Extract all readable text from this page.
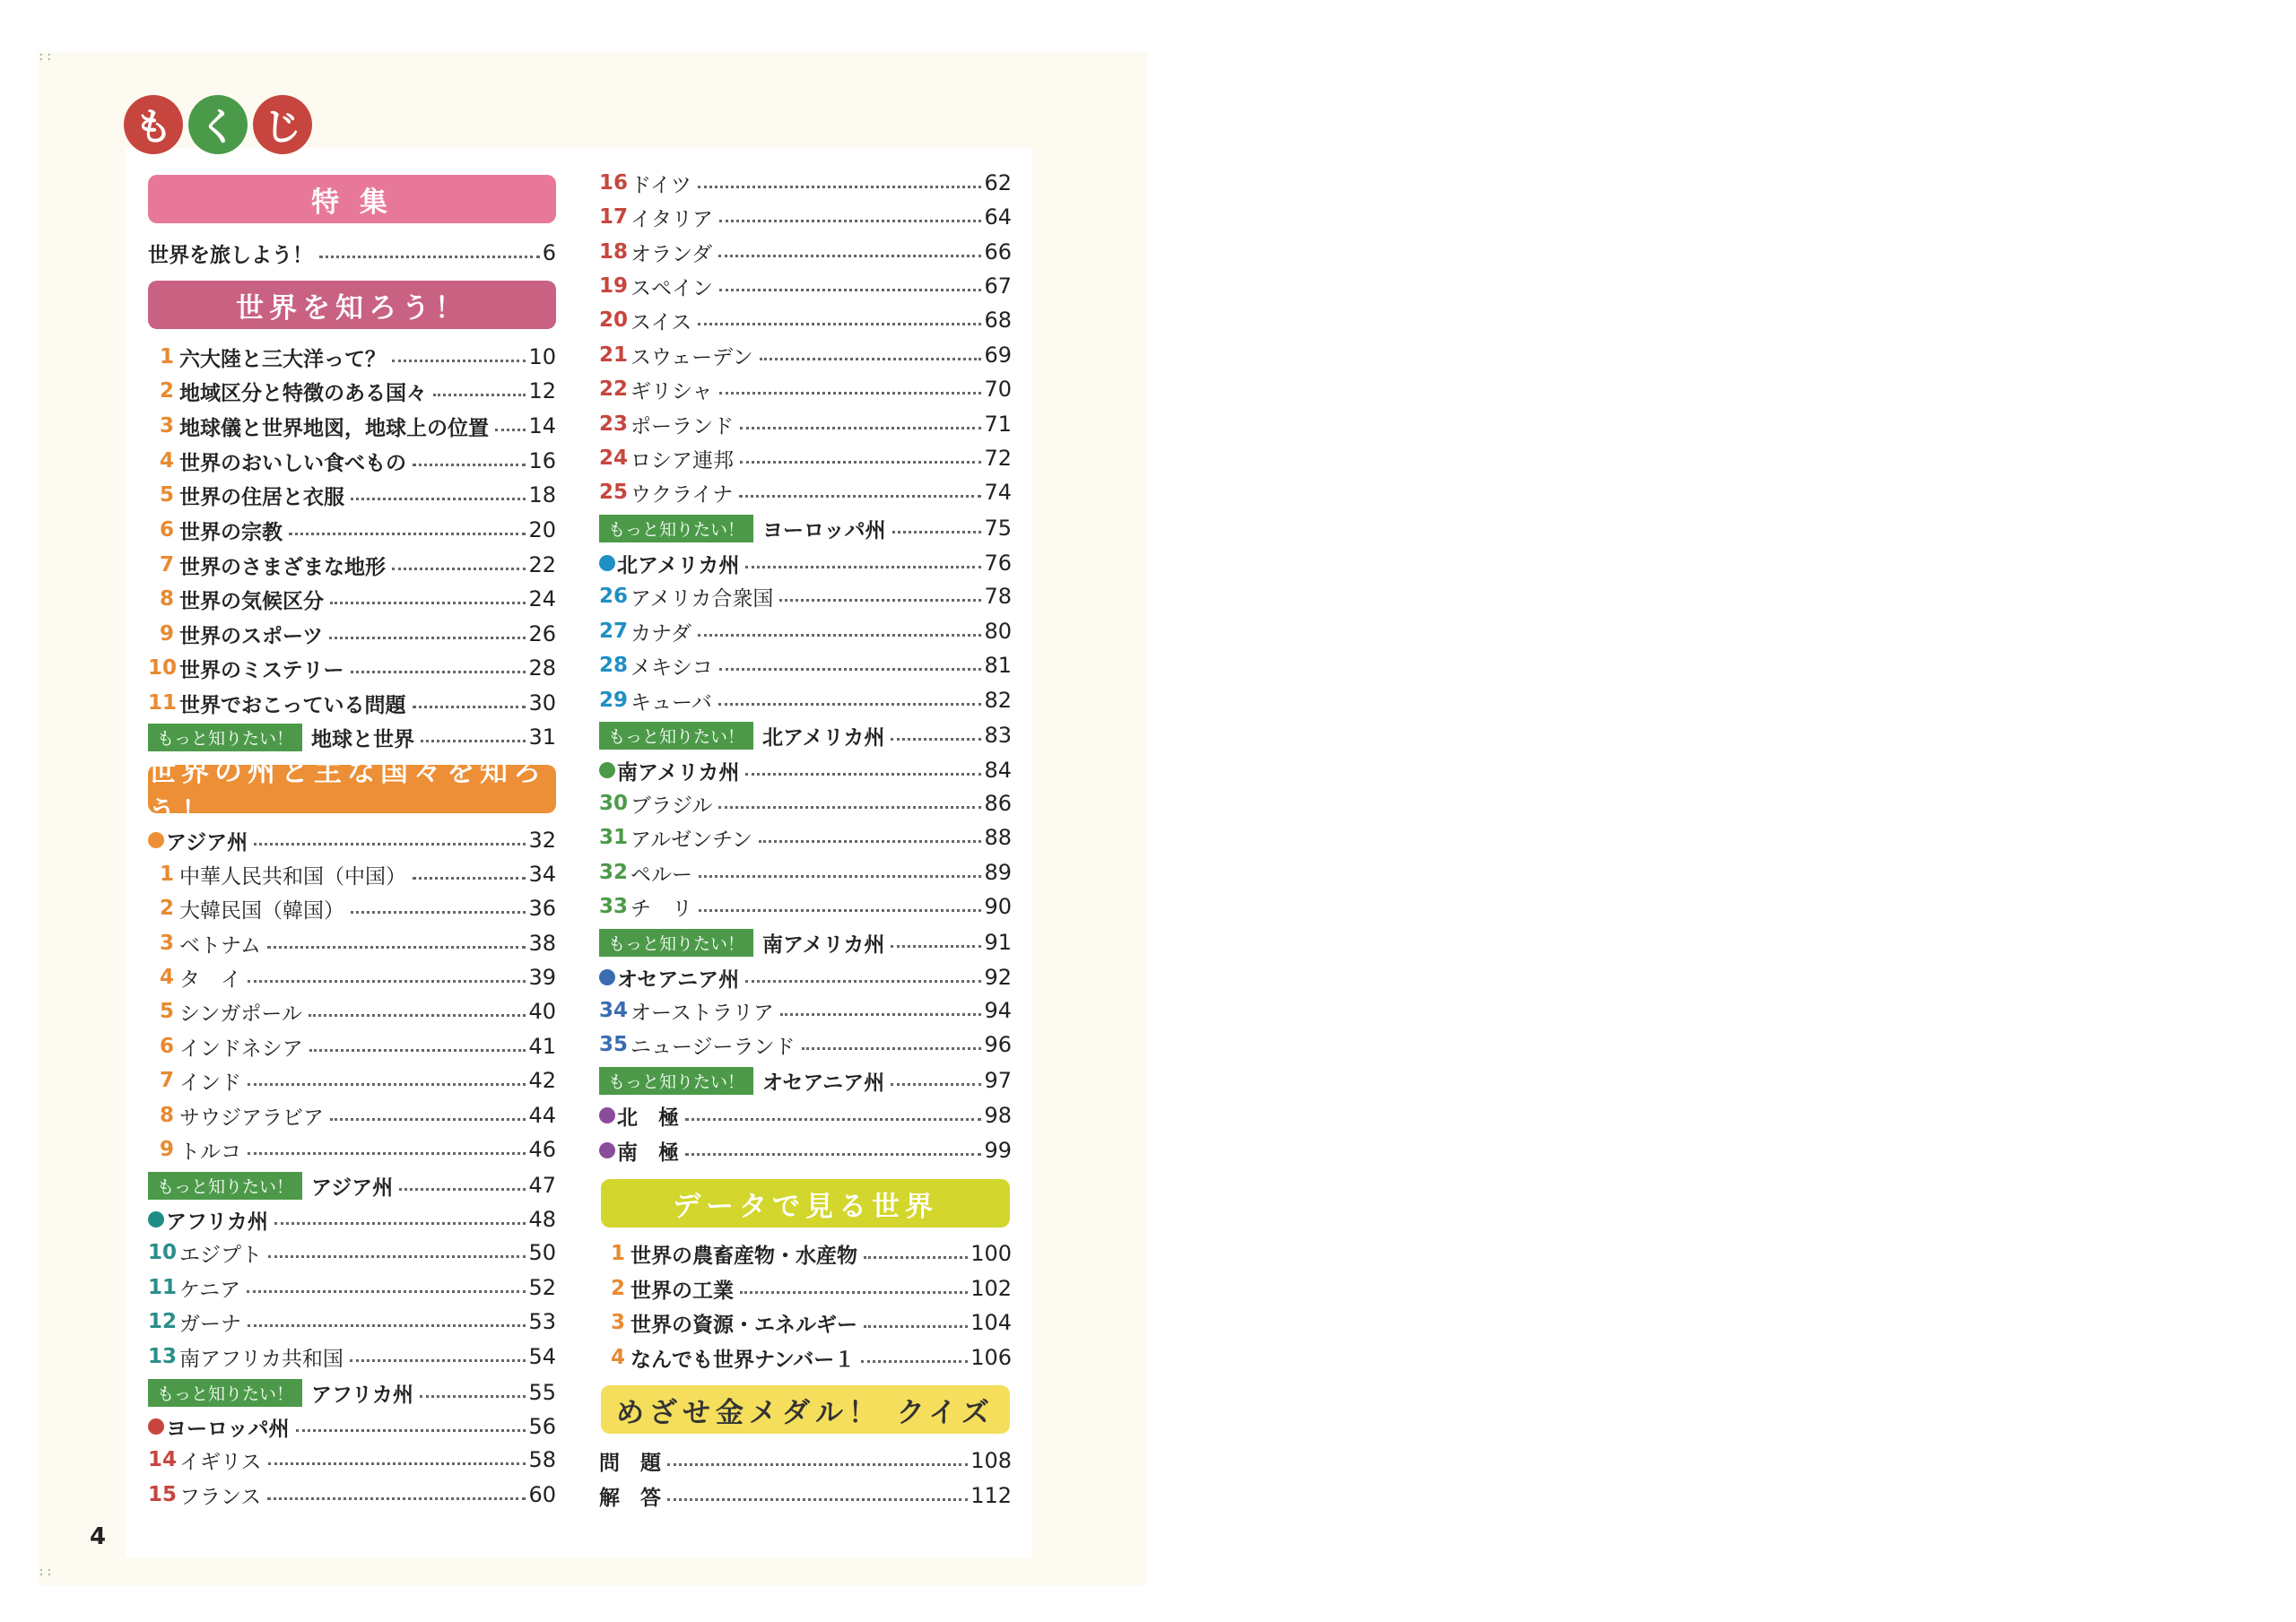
::
::
も く じ
特 集
世界を旅しよう！	6
世界を知ろう！
1 六大陸と三大洋って？	10
2 地域区分と特徴のある国々	12
3 地球儀と世界地図，地球上の位置 14
4 世界のおいしい食べもの	16
5 世界の住居と衣服	18
6 世界の宗教	20
7 世界のさまざまな地形	22
8 世界の気候区分	24
9 世界のスポーツ	26
10 世界のミステリー	28
11 世界でおこっている問題	30
もっと知りたい！ 地球と世界	31
世界の州と主な国々を知ろう！
アジア州	32
1 中華人民共和国（中国）	34
2 大韓民国（韓国）	36
3 ベトナム	38
4 タ　イ	39
5 シンガポール	40
6 インドネシア	41
7 インド	42
8 サウジアラビア	44
9 トルコ	46
もっと知りたい！ アジア州	47
アフリカ州	48
10 エジプト	50
11 ケニア	52
12 ガーナ	53
13 南アフリカ共和国	54
もっと知りたい！ アフリカ州	55
ヨーロッパ州	56
14 イギリス	58
15 フランス	60
16 ドイツ	62
17 イタリア	64
18 オランダ	66
19 スペイン	67
20 スイス	68
21 スウェーデン	69
22 ギリシャ	70
23 ポーランド	71
24 ロシア連邦	72
25 ウクライナ	74
もっと知りたい！ ヨーロッパ州	75
北アメリカ州	76
26 アメリカ合衆国	78
27 カナダ	80
28 メキシコ	81
29 キューバ	82
もっと知りたい！ 北アメリカ州	83
南アメリカ州	84
30 ブラジル	86
31 アルゼンチン	88
32 ペルー	89
33 チ　リ	90
もっと知りたい！ 南アメリカ州	91
オセアニア州	92
34 オーストラリア	94
35 ニュージーランド	96
もっと知りたい！ オセアニア州	97
北　極	98
南　極	99
データで見る世界
1 世界の農畜産物・水産物	100
2 世界の工業	102
3 世界の資源・エネルギー	104
4 なんでも世界ナンバー１	106
めざせ金メダル！ クイズ
問　題	108
解　答	112
4
